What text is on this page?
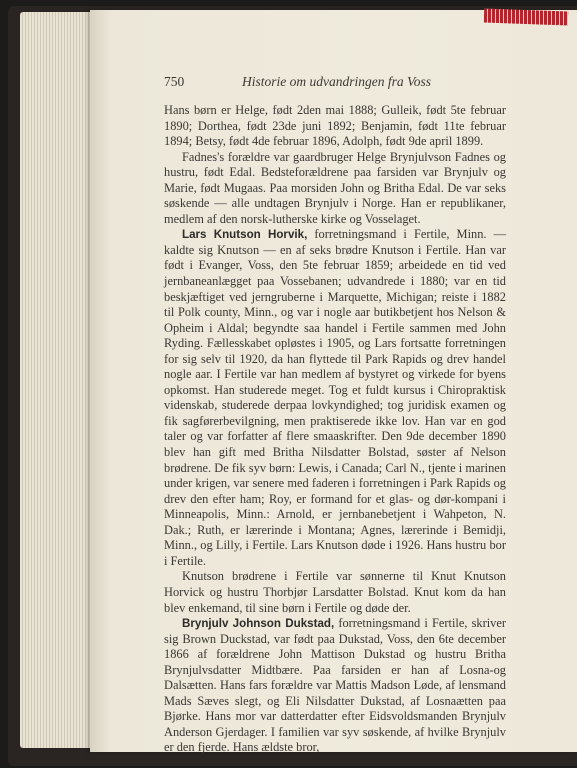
750	Historie om udvandringen fra Voss

Hans børn er Helge, født 2den mai 1888; Gulleik, født 5te februar 1890; Dorthea, født 23de juni 1892; Benjamin, født 11te februar 1894; Betsy, født 4de februar 1896, Adolph, født 9de april 1899.

Fadnes's forældre var gaardbruger Helge Brynjulvson Fadnes og hustru, født Edal. Bedsteforældrene paa farsiden var Brynjulv og Marie, født Mugaas. Paa morsiden John og Britha Edal. De var seks søskende — alle undtagen Brynjulv i Norge. Han er republikaner, medlem af den norsk-lutherske kirke og Vosselaget.

Lars Knutson Horvik, forretningsmand i Fertile, Minn. — kaldte sig Knutson — en af seks brødre Knutson i Fertile. Han var født i Evanger, Voss, den 5te februar 1859; arbeidede en tid ved jernbaneanlægget paa Vossebanen; udvandrede i 1880; var en tid beskjæftiget ved jerngruberne i Marquette, Michigan; reiste i 1882 til Polk county, Minn., og var i nogle aar butikbetjent hos Nelson & Opheim i Aldal; begyndte saa handel i Fertile sammen med John Ryding. Fællesskabet opløstes i 1905, og Lars fortsatte forretningen for sig selv til 1920, da han flyttede til Park Rapids og drev handel nogle aar. I Fertile var han medlem af bystyret og virkede for byens opkomst. Han studerede meget. Tog et fuldt kursus i Chiropraktisk videnskab, studerede derpaa lovkyndighed; tog juridisk examen og fik sagførerbevilgning, men praktiserede ikke lov. Han var en god taler og var forfatter af flere smaaskrifter. Den 9de december 1890 blev han gift med Britha Nilsdatter Bolstad, søster af Nelson brødrene. De fik syv børn: Lewis, i Canada; Carl N., tjente i marinen under krigen, var senere med faderen i forretningen i Park Rapids og drev den efter ham; Roy, er formand for et glas- og dør-kompani i Minneapolis, Minn.: Arnold, er jernbanebetjent i Wahpeton, N. Dak.; Ruth, er lærerinde i Montana; Agnes, lærerinde i Bemidji, Minn., og Lilly, i Fertile. Lars Knutson døde i 1926. Hans hustru bor i Fertile.

Knutson brødrene i Fertile var sønnerne til Knut Knutson Horvick og hustru Thorbjør Larsdatter Bolstad. Knut kom da han blev enkemand, til sine børn i Fertile og døde der.

Brynjulv Johnson Dukstad, forretningsmand i Fertile, skriver sig Brown Duckstad, var født paa Dukstad, Voss, den 6te december 1866 af forældrene John Mattison Dukstad og hustru Britha Brynjulvsdatter Midtbære. Paa farsiden er han af Losna-og Dalsætten. Hans fars forældre var Mattis Madson Løde, af lensmand Mads Sæves slegt, og Eli Nilsdatter Dukstad, af Losnaætten paa Bjørke. Hans mor var datterdatter efter Eidsvoldsmanden Brynjulv Anderson Gjerdager. I familien var syv søskende, af hvilke Brynjulv er den fjerde. Hans ældste bror,
